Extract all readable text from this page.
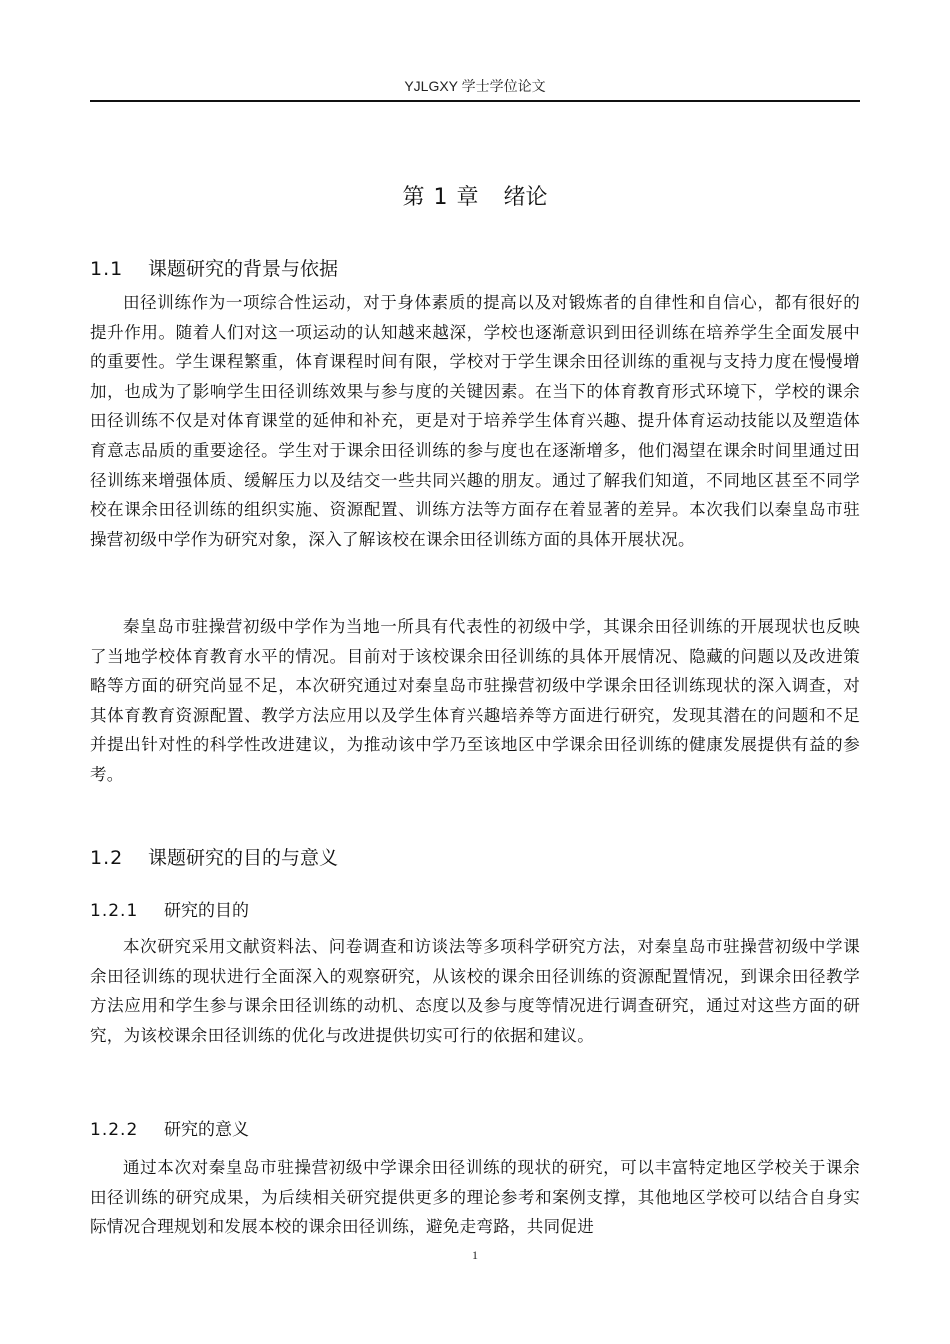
YJLGXY 学士学位论文
第 1 章 绪论
1.1 课题研究的背景与依据

田径训练作为一项综合性运动，对于身体素质的提高以及对锻炼者的自律性和自信心，都有很好的提升作用。随着人们对这一项运动的认知越来越深，学校也逐渐意识到田径训练在培养学生全面发展中的重要性。学生课程繁重，体育课程时间有限，学校对于学生课余田径训练的重视与支持力度在慢慢增加，也成为了影响学生田径训练效果与参与度的关键因素。在当下的体育教育形式环境下，学校的课余田径训练不仅是对体育课堂的延伸和补充，更是对于培养学生体育兴趣、提升体育运动技能以及塑造体育意志品质的重要途径。学生对于课余田径训练的参与度也在逐渐增多，他们渴望在课余时间里通过田径训练来增强体质、缓解压力以及结交一些共同兴趣的朋友。通过了解我们知道，不同地区甚至不同学校在课余田径训练的组织实施、资源配置、训练方法等方面存在着显著的差异。本次我们以秦皇岛市驻操营初级中学作为研究对象，深入了解该校在课余田径训练方面的具体开展状况。

秦皇岛市驻操营初级中学作为当地一所具有代表性的初级中学，其课余田径训练的开展现状也反映了当地学校体育教育水平的情况。目前对于该校课余田径训练的具体开展情况、隐藏的问题以及改进策略等方面的研究尚显不足，本次研究通过对秦皇岛市驻操营初级中学课余田径训练现状的深入调查，对其体育教育资源配置、教学方法应用以及学生体育兴趣培养等方面进行研究，发现其潜在的问题和不足并提出针对性的科学性改进建议，为推动该中学乃至该地区中学课余田径训练的健康发展提供有益的参考。

1.2 课题研究的目的与意义
1.2.1 研究的目的

本次研究采用文献资料法、问卷调查和访谈法等多项科学研究方法，对秦皇岛市驻操营初级中学课余田径训练的现状进行全面深入的观察研究，从该校的课余田径训练的资源配置情况，到课余田径教学方法应用和学生参与课余田径训练的动机、态度以及参与度等情况进行调查研究，通过对这些方面的研究，为该校课余田径训练的优化与改进提供切实可行的依据和建议。

1.2.2 研究的意义

通过本次对秦皇岛市驻操营初级中学课余田径训练的现状的研究，可以丰富特定地区学校关于课余田径训练的研究成果，为后续相关研究提供更多的理论参考和案例支撑，其他地区学校可以结合自身实际情况合理规划和发展本校的课余田径训练，避免走弯路，共同促进

1
